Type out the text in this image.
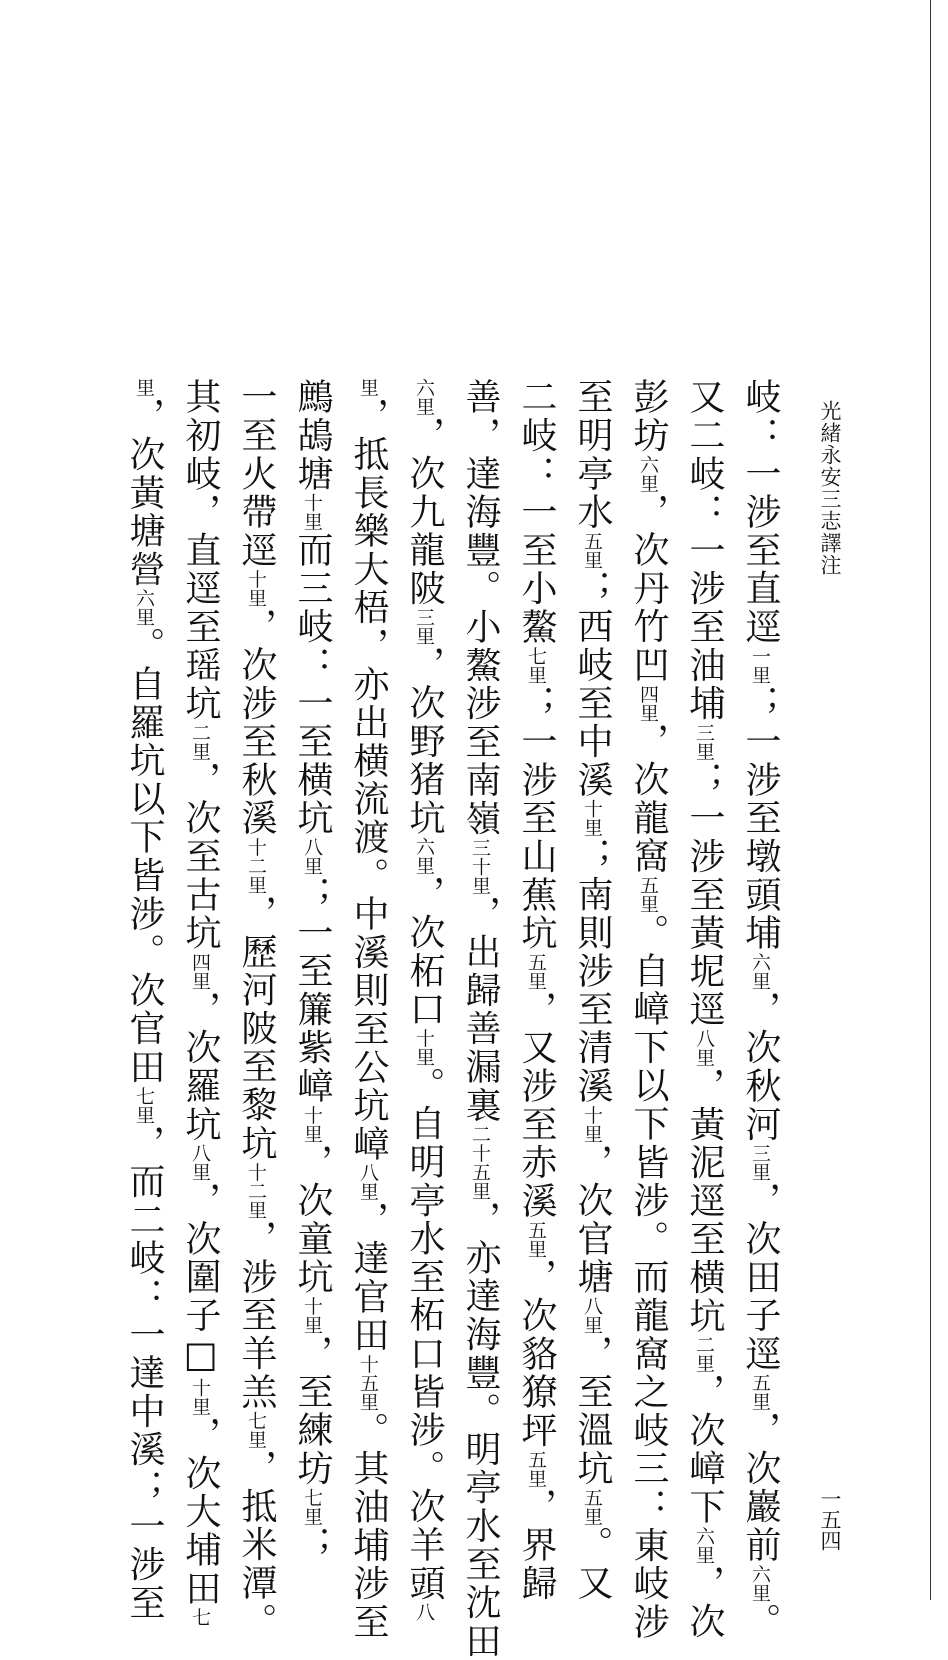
光緒永安三志譯注
一五四
岐：一涉至直逕一里；一涉至墩頭埔六里，次秋河三里，次田子逕五里，次巖前六里。
又二岐：一涉至油埔三里；一涉至黃坭逕八里，黃泥逕至横坑二里，次嶂下六里，次
彭坊六里，次丹竹凹四里，次龍窩五里。自嶂下以下皆涉。而龍窩之岐三：東岐涉
至明亭水五里；西岐至中溪十里；南則涉至清溪十里，次官塘八里，至溫坑五里。又
二岐：一至小鰲七里；一涉至山蕉坑五里，又涉至赤溪五里，次貉獠坪五里，界歸
善，達海豐。小鰲涉至南嶺三十里，出歸善漏裏二十五里，亦達海豐。明亭水至沈田
六里，次九龍陂三里，次野猪坑六里，次柘口十里。自明亭水至柘口皆涉。次羊頭八
里，抵長樂大梧，亦出横流渡。中溪則至公坑嶂八里，達官田十五里。其油埔涉至
鷓鴣塘十里而三岐：一至横坑八里；一至簾紫嶂十里，次童坑十里，至練坊七里；
一至火帶逕十里，次涉至秋溪十二里，歷河陂至黎坑十二里，涉至羊羔七里，抵米潭。
其初岐，直逕至瑶坑二里，次至古坑四里，次羅坑八里，次圍子□十里，次大埔田七
里，次黃塘營六里。自羅坑以下皆涉。次官田七里，而二岐：一達中溪；一涉至
